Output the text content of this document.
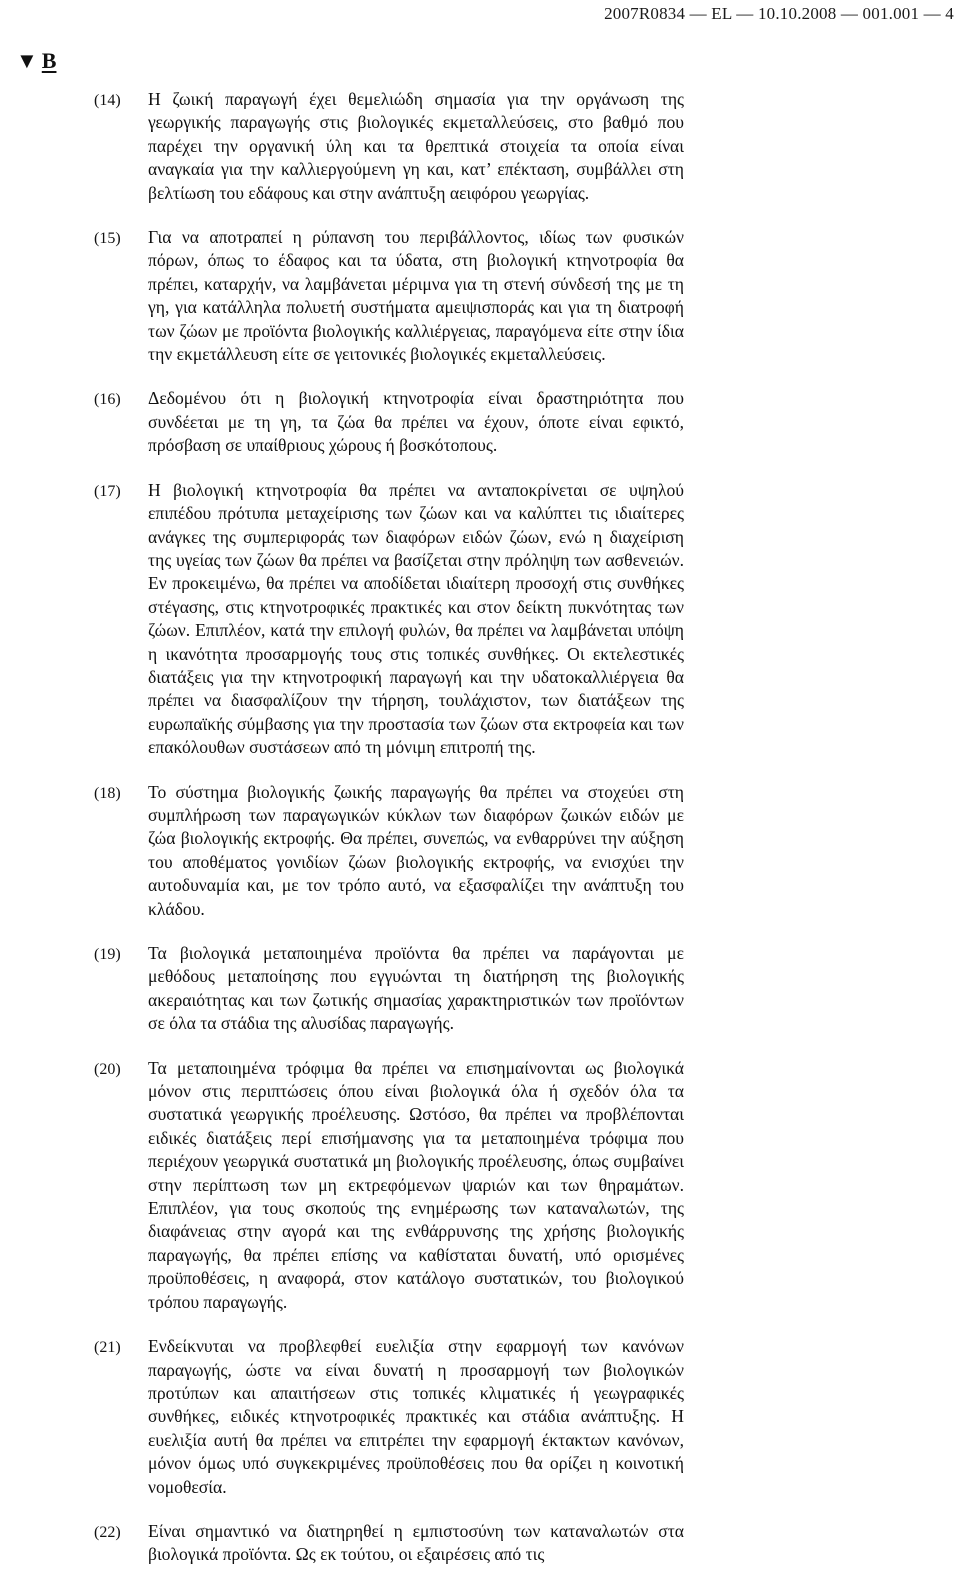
2007R0834 — EL — 10.10.2008 — 001.001 — 4
▼ B
(14)	Η ζωική παραγωγή έχει θεμελιώδη σημασία για την οργάνωση της γεωργικής παραγωγής στις βιολογικές εκμεταλλεύσεις, στο βαθμό που παρέχει την οργανική ύλη και τα θρεπτικά στοιχεία τα οποία είναι αναγκαία για την καλλιεργούμενη γη και, κατ’ επέκταση, συμβάλλει στη βελτίωση του εδάφους και στην ανάπτυξη αειφόρου γεωργίας.
(15)	Για να αποτραπεί η ρύπανση του περιβάλλοντος, ιδίως των φυσικών πόρων, όπως το έδαφος και τα ύδατα, στη βιολογική κτηνοτροφία θα πρέπει, καταρχήν, να λαμβάνεται μέριμνα για τη στενή σύνδεσή της με τη γη, για κατάλληλα πολυετή συστήματα αμειψισποράς και για τη διατροφή των ζώων με προϊόντα βιολογικής καλλιέργειας, παραγόμενα είτε στην ίδια την εκμετάλλευση είτε σε γειτονικές βιολογικές εκμεταλλεύσεις.
(16)	Δεδομένου ότι η βιολογική κτηνοτροφία είναι δραστηριότητα που συνδέεται με τη γη, τα ζώα θα πρέπει να έχουν, όποτε είναι εφικτό, πρόσβαση σε υπαίθριους χώρους ή βοσκότοπους.
(17)	Η βιολογική κτηνοτροφία θα πρέπει να ανταποκρίνεται σε υψηλού επιπέδου πρότυπα μεταχείρισης των ζώων και να καλύπτει τις ιδιαίτερες ανάγκες της συμπεριφοράς των διαφόρων ειδών ζώων, ενώ η διαχείριση της υγείας των ζώων θα πρέπει να βασίζεται στην πρόληψη των ασθενειών. Εν προκειμένω, θα πρέπει να αποδίδεται ιδιαίτερη προσοχή στις συνθήκες στέγασης, στις κτηνοτροφικές πρακτικές και στον δείκτη πυκνότητας των ζώων. Επιπλέον, κατά την επιλογή φυλών, θα πρέπει να λαμβάνεται υπόψη η ικανότητα προσαρμογής τους στις τοπικές συνθήκες. Οι εκτελεστικές διατάξεις για την κτηνοτροφική παραγωγή και την υδατοκαλλιέργεια θα πρέπει να διασφαλίζουν την τήρηση, τουλάχιστον, των διατάξεων της ευρωπαϊκής σύμβασης για την προστασία των ζώων στα εκτροφεία και των επακόλουθων συστάσεων από τη μόνιμη επιτροπή της.
(18)	Το σύστημα βιολογικής ζωικής παραγωγής θα πρέπει να στοχεύει στη συμπλήρωση των παραγωγικών κύκλων των διαφόρων ζωικών ειδών με ζώα βιολογικής εκτροφής. Θα πρέπει, συνεπώς, να ενθαρρύνει την αύξηση του αποθέματος γονιδίων ζώων βιολογικής εκτροφής, να ενισχύει την αυτοδυναμία και, με τον τρόπο αυτό, να εξασφαλίζει την ανάπτυξη του κλάδου.
(19)	Τα βιολογικά μεταποιημένα προϊόντα θα πρέπει να παράγονται με μεθόδους μεταποίησης που εγγυώνται τη διατήρηση της βιολογικής ακεραιότητας και των ζωτικής σημασίας χαρακτηριστικών των προϊόντων σε όλα τα στάδια της αλυσίδας παραγωγής.
(20)	Τα μεταποιημένα τρόφιμα θα πρέπει να επισημαίνονται ως βιολογικά μόνον στις περιπτώσεις όπου είναι βιολογικά όλα ή σχεδόν όλα τα συστατικά γεωργικής προέλευσης. Ωστόσο, θα πρέπει να προβλέπονται ειδικές διατάξεις περί επισήμανσης για τα μεταποιημένα τρόφιμα που περιέχουν γεωργικά συστατικά μη βιολογικής προέλευσης, όπως συμβαίνει στην περίπτωση των μη εκτρεφόμενων ψαριών και των θηραμάτων. Επιπλέον, για τους σκοπούς της ενημέρωσης των καταναλωτών, της διαφάνειας στην αγορά και της ενθάρρυνσης της χρήσης βιολογικής παραγωγής, θα πρέπει επίσης να καθίσταται δυνατή, υπό ορισμένες προϋποθέσεις, η αναφορά, στον κατάλογο συστατικών, του βιολογικού τρόπου παραγωγής.
(21)	Ενδείκνυται να προβλεφθεί ευελιξία στην εφαρμογή των κανόνων παραγωγής, ώστε να είναι δυνατή η προσαρμογή των βιολογικών προτύπων και απαιτήσεων στις τοπικές κλιματικές ή γεωγραφικές συνθήκες, ειδικές κτηνοτροφικές πρακτικές και στάδια ανάπτυξης. Η ευελιξία αυτή θα πρέπει να επιτρέπει την εφαρμογή έκτακτων κανόνων, μόνον όμως υπό συγκεκριμένες προϋποθέσεις που θα ορίζει η κοινοτική νομοθεσία.
(22)	Είναι σημαντικό να διατηρηθεί η εμπιστοσύνη των καταναλωτών στα βιολογικά προϊόντα. Ως εκ τούτου, οι εξαιρέσεις από τις
